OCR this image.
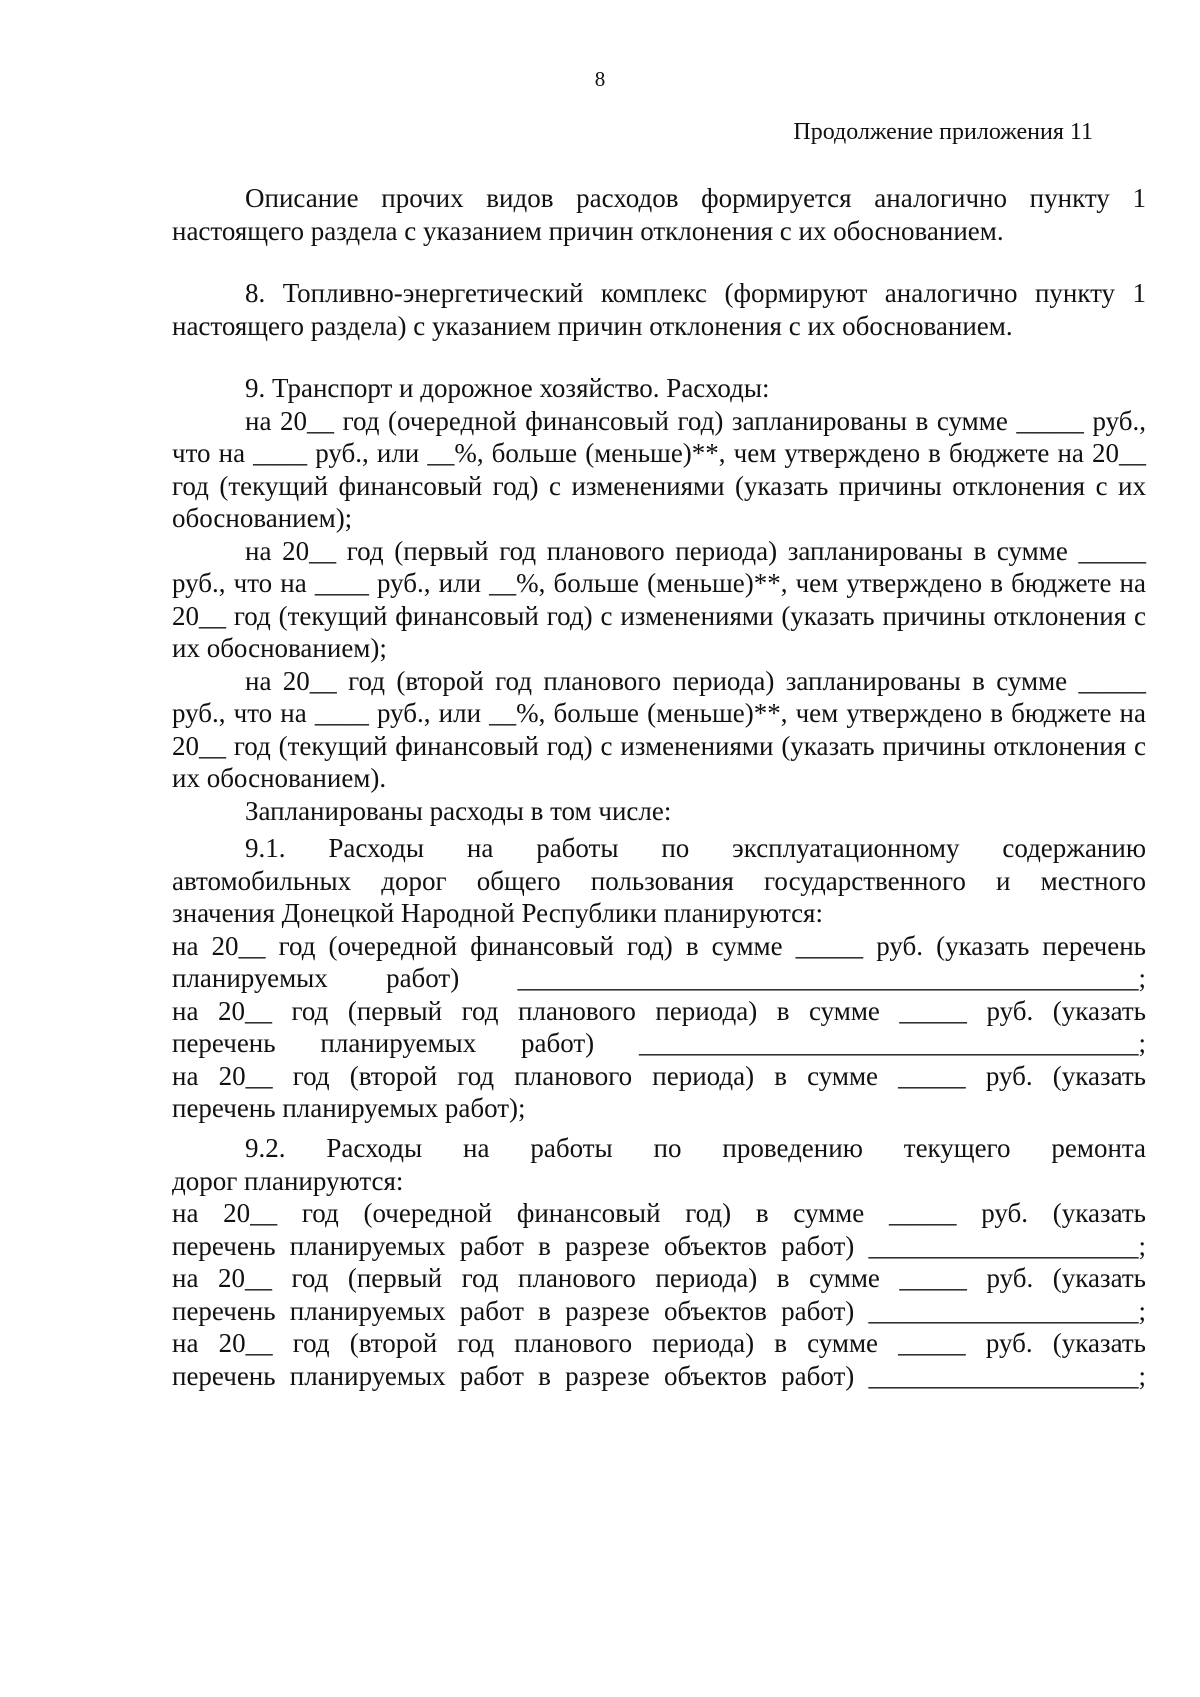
8
Продолжение приложения 11

Описание прочих видов расходов формируется аналогично пункту 1 настоящего раздела с указанием причин отклонения с их обоснованием.

8. Топливно-энергетический комплекс (формируют аналогично пункту 1 настоящего раздела) с указанием причин отклонения с их обоснованием.

9. Транспорт и дорожное хозяйство. Расходы:

на 20__ год (очередной финансовый год) запланированы в сумме _____ руб., что на ____ руб., или __%, больше (меньше)**, чем утверждено в бюджете на 20__ год (текущий финансовый год) с изменениями (указать причины отклонения с их обоснованием);

на 20__ год (первый год планового периода) запланированы в сумме _____ руб., что на ____ руб., или __%, больше (меньше)**, чем утверждено в бюджете на 20__ год (текущий финансовый год) с изменениями (указать причины отклонения с их обоснованием);

на 20__ год (второй год планового периода) запланированы в сумме _____ руб., что на ____ руб., или __%, больше (меньше)**, чем утверждено в бюджете на 20__ год (текущий финансовый год) с изменениями (указать причины отклонения с их обоснованием).

Запланированы расходы в том числе:

9.1. Расходы на работы по эксплуатационному содержанию
автомобильных дорог общего пользования государственного и местного
значения Донецкой Народной Республики планируются:
на 20__ год (очередной финансовый год) в сумме _____ руб. (указать перечень
планируемых работ) ______________________________________________;
на 20__ год (первый год планового периода) в сумме _____ руб. (указать
перечень планируемых работ) _____________________________________;
на 20__ год (второй год планового периода) в сумме _____ руб. (указать
перечень планируемых работ);
9.2. Расходы на работы по проведению текущего ремонта
дорог планируются:
на 20__ год (очередной финансовый год) в сумме _____ руб. (указать
перечень планируемых работ в разрезе объектов работ) ____________________;
на 20__ год (первый год планового периода) в сумме _____ руб. (указать
перечень планируемых работ в разрезе объектов работ) ____________________;
на 20__ год (второй год планового периода) в сумме _____ руб. (указать
перечень планируемых работ в разрезе объектов работ) ____________________;
